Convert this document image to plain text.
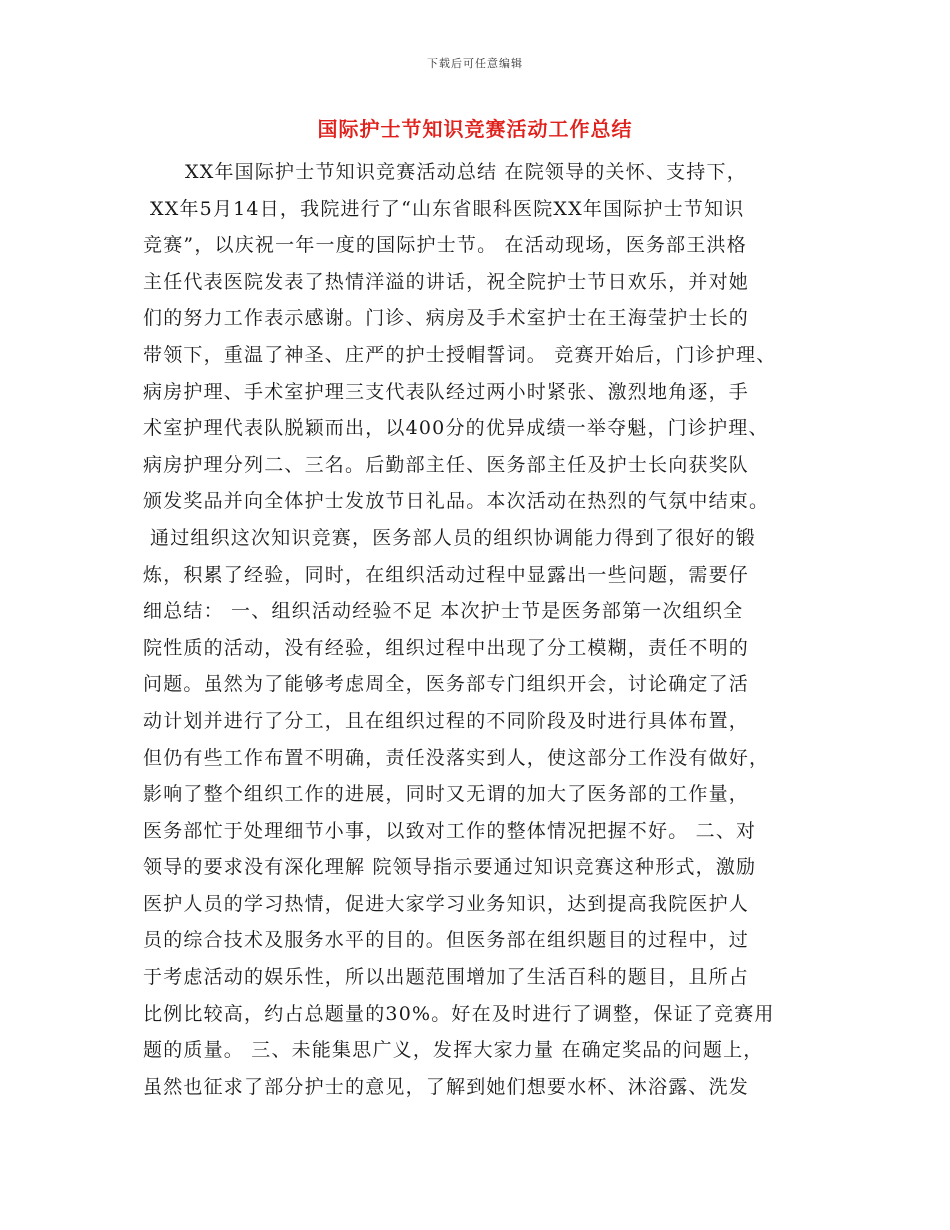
下载后可任意编辑
国际护士节知识竞赛活动工作总结
XX年国际护士节知识竞赛活动总结 在院领导的关怀、支持下，
XX年5月14日，我院进行了“山东省眼科医院XX年国际护士节知识
竞赛”，以庆祝一年一度的国际护士节。 在活动现场，医务部王洪格
主任代表医院发表了热情洋溢的讲话，祝全院护士节日欢乐，并对她
们的努力工作表示感谢。门诊、病房及手术室护士在王海莹护士长的
带领下，重温了神圣、庄严的护士授帽誓词。 竞赛开始后，门诊护理、
病房护理、手术室护理三支代表队经过两小时紧张、激烈地角逐，手
术室护理代表队脱颖而出，以400分的优异成绩一举夺魁，门诊护理、
病房护理分列二、三名。后勤部主任、医务部主任及护士长向获奖队
颁发奖品并向全体护士发放节日礼品。本次活动在热烈的气氛中结束。
通过组织这次知识竞赛，医务部人员的组织协调能力得到了很好的锻
炼，积累了经验，同时，在组织活动过程中显露出一些问题，需要仔
细总结： 一、组织活动经验不足 本次护士节是医务部第一次组织全
院性质的活动，没有经验，组织过程中出现了分工模糊，责任不明的
问题。虽然为了能够考虑周全，医务部专门组织开会，讨论确定了活
动计划并进行了分工，且在组织过程的不同阶段及时进行具体布置，
但仍有些工作布置不明确，责任没落实到人，使这部分工作没有做好，
影响了整个组织工作的进展，同时又无谓的加大了医务部的工作量，
医务部忙于处理细节小事，以致对工作的整体情况把握不好。 二、对
领导的要求没有深化理解 院领导指示要通过知识竞赛这种形式，激励
医护人员的学习热情，促进大家学习业务知识，达到提高我院医护人
员的综合技术及服务水平的目的。但医务部在组织题目的过程中，过
于考虑活动的娱乐性，所以出题范围增加了生活百科的题目，且所占
比例比较高，约占总题量的30%。好在及时进行了调整，保证了竞赛用
题的质量。 三、未能集思广义，发挥大家力量 在确定奖品的问题上，
虽然也征求了部分护士的意见，了解到她们想要水杯、沐浴露、洗发
